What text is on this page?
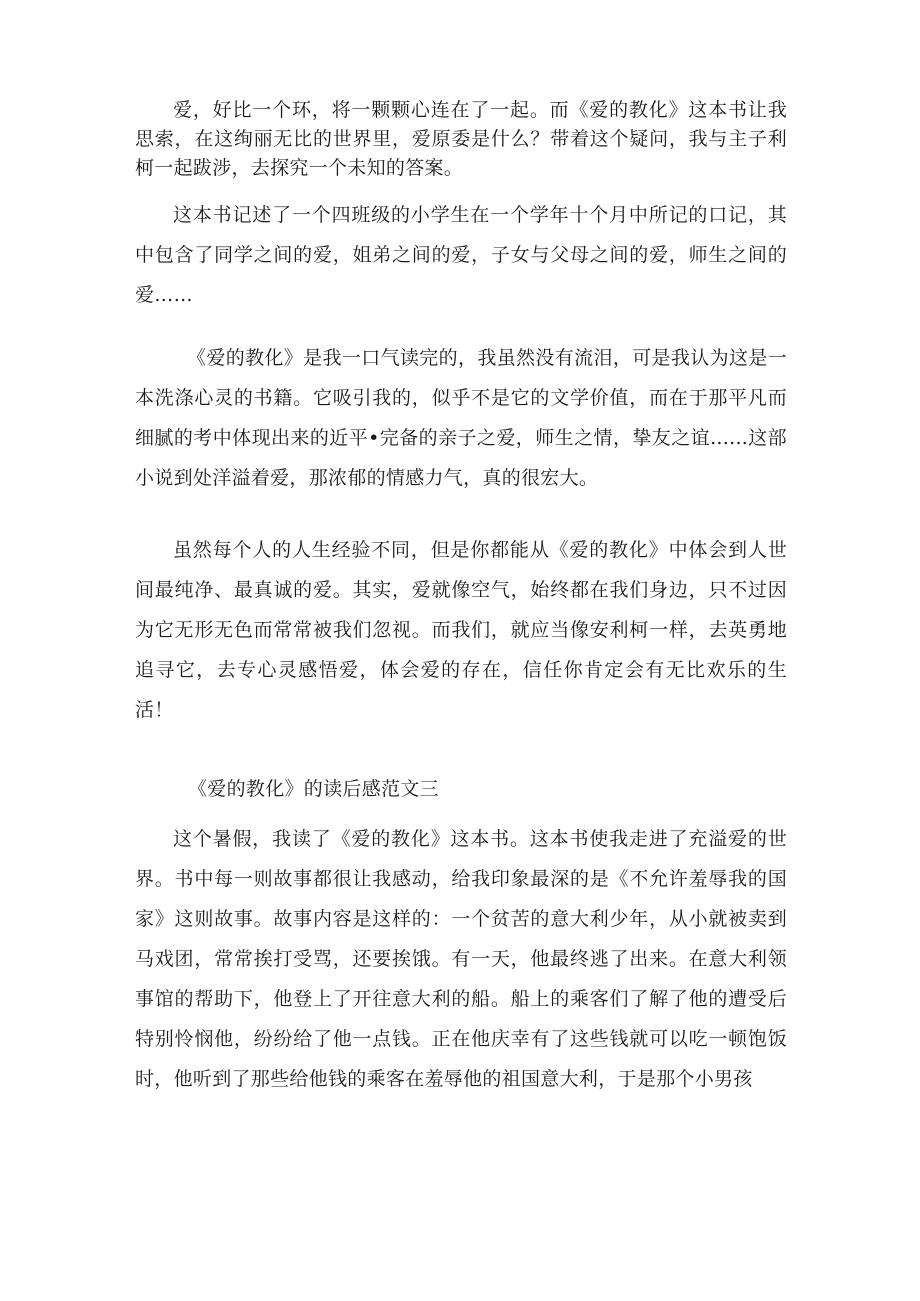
爱，好比一个环，将一颗颗心连在了一起。而《爱的教化》这本书让我思索，在这绚丽无比的世界里，爱原委是什么？带着这个疑问，我与主子利柯一起跋涉，去探究一个未知的答案。

这本书记述了一个四班级的小学生在一个学年十个月中所记的口记，其中包含了同学之间的爱，姐弟之间的爱，子女与父母之间的爱，师生之间的爱……

《爱的教化》是我一口气读完的，我虽然没有流泪，可是我认为这是一本洗涤心灵的书籍。它吸引我的，似乎不是它的文学价值，而在于那平凡而细腻的考中体现出来的近平•完备的亲子之爱，师生之情，挚友之谊......这部小说到处洋溢着爱，那浓郁的情感力气，真的很宏大。

虽然每个人的人生经验不同，但是你都能从《爱的教化》中体会到人世间最纯净、最真诚的爱。其实，爱就像空气，始终都在我们身边，只不过因为它无形无色而常常被我们忽视。而我们，就应当像安利柯一样，去英勇地追寻它，去专心灵感悟爱，体会爱的存在，信任你肯定会有无比欢乐的生活！

《爱的教化》的读后感范文三

这个暑假，我读了《爱的教化》这本书。这本书使我走进了充溢爱的世界。书中每一则故事都很让我感动，给我印象最深的是《不允许羞辱我的国家》这则故事。故事内容是这样的：一个贫苦的意大利少年，从小就被卖到马戏团，常常挨打受骂，还要挨饿。有一天，他最终逃了出来。在意大利领事馆的帮助下，他登上了开往意大利的船。船上的乘客们了解了他的遭受后特别怜悯他，纷纷给了他一点钱。正在他庆幸有了这些钱就可以吃一顿饱饭时，他听到了那些给他钱的乘客在羞辱他的祖国意大利，于是那个小男孩
